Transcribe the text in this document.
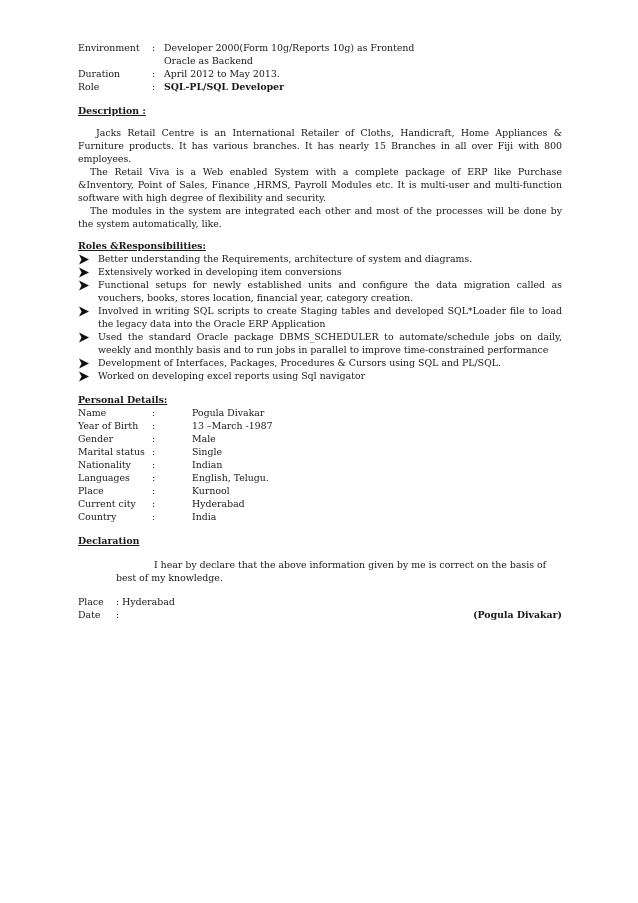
Environment : Developer 2000(Form 10g/Reports 10g) as Frontend
Oracle as Backend
Duration	: April 2012 to May 2013.
Role	: SQL-PL/SQL Developer
Description :
Jacks Retail Centre is an International Retailer of Cloths, Handicraft, Home Appliances & Furniture products. It has various branches. It has nearly 15 Branches in all over Fiji with 800 employees.
The Retail Viva is a Web enabled System with a complete package of ERP like Purchase &Inventory, Point of Sales, Finance ,HRMS, Payroll Modules etc. It is multi-user and multi-function software with high degree of flexibility and security.
The modules in the system are integrated each other and most of the processes will be done by the system automatically, like.
Roles &Responsibilities:
Better understanding the Requirements, architecture of system and diagrams.
Extensively worked in developing item conversions
Functional setups for newly established units and configure the data migration called as vouchers, books, stores location, financial year, category creation.
Involved in writing SQL scripts to create Staging tables and developed SQL*Loader file to load the legacy data into the Oracle ERP Application
Used the standard Oracle package DBMS_SCHEDULER to automate/schedule jobs on daily, weekly and monthly basis and to run jobs in parallel to improve time-constrained performance
Development of Interfaces, Packages, Procedures & Cursors using SQL and PL/SQL.
Worked on developing excel reports using Sql navigator
Personal Details:
Name	:	Pogula Divakar
Year of Birth :	13 –March -1987
Gender	:	Male
Marital status :	Single
Nationality :	Indian
Languages :	English, Telugu.
Place	:	Kurnool
Current city :	Hyderabad
Country	:	India
Declaration
I hear by declare that the above information given by me is correct on the basis of
best of my knowledge.
Place : Hyderabad
Date :	(Pogula Divakar)
